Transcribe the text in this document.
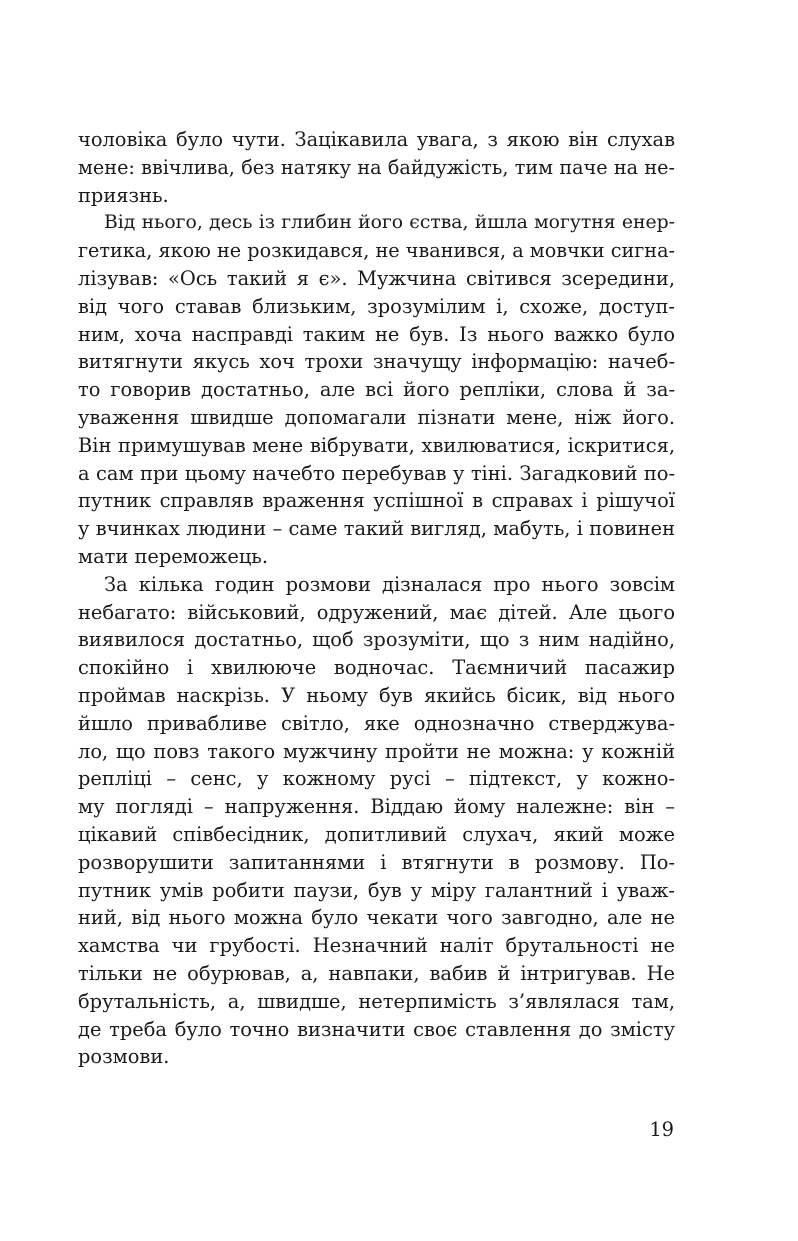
чоловіка було чути. Зацікавила увага, з якою він слухав
мене: ввічлива, без натяку на байдужість, тим паче на не-
приязнь.
Від нього, десь із глибин його єства, йшла могутня енер-
гетика, якою не розкидався, не чванився, а мовчки сигна-
лізував: «Ось такий я є». Мужчина світився зсередини,
від чого ставав близьким, зрозумілим і, схоже, доступ-
ним, хоча насправді таким не був. Із нього важко було
витягнути якусь хоч трохи значущу інформацію: начеб-
то говорив достатньо, але всі його репліки, слова й за-
уваження швидше допомагали пізнати мене, ніж його.
Він примушував мене вібрувати, хвилюватися, іскритися,
а сам при цьому начебто перебував у тіні. Загадковий по-
путник справляв враження успішної в справах і рішучої
у вчинках людини – саме такий вигляд, мабуть, і повинен
мати переможець.
За кілька годин розмови дізналася про нього зовсім
небагато: військовий, одружений, має дітей. Але цього
виявилося достатньо, щоб зрозуміти, що з ним надійно,
спокійно і хвилююче водночас. Таємничий пасажир
проймав наскрізь. У ньому був якийсь бісик, від нього
йшло привабливе світло, яке однозначно стверджува-
ло, що повз такого мужчину пройти не можна: у кожній
репліці – сенс, у кожному русі – підтекст, у кожно-
му погляді – напруження. Віддаю йому належне: він –
цікавий співбесідник, допитливий слухач, який може
розворушити запитаннями і втягнути в розмову. По-
путник умів робити паузи, був у міру галантний і уваж-
ний, від нього можна було чекати чого завгодно, але не
хамства чи грубості. Незначний наліт брутальності не
тільки не обурював, а, навпаки, вабив й інтригував. Не
брутальність, а, швидше, нетерпимість з’являлася там,
де треба було точно визначити своє ставлення до змісту
розмови.
19
